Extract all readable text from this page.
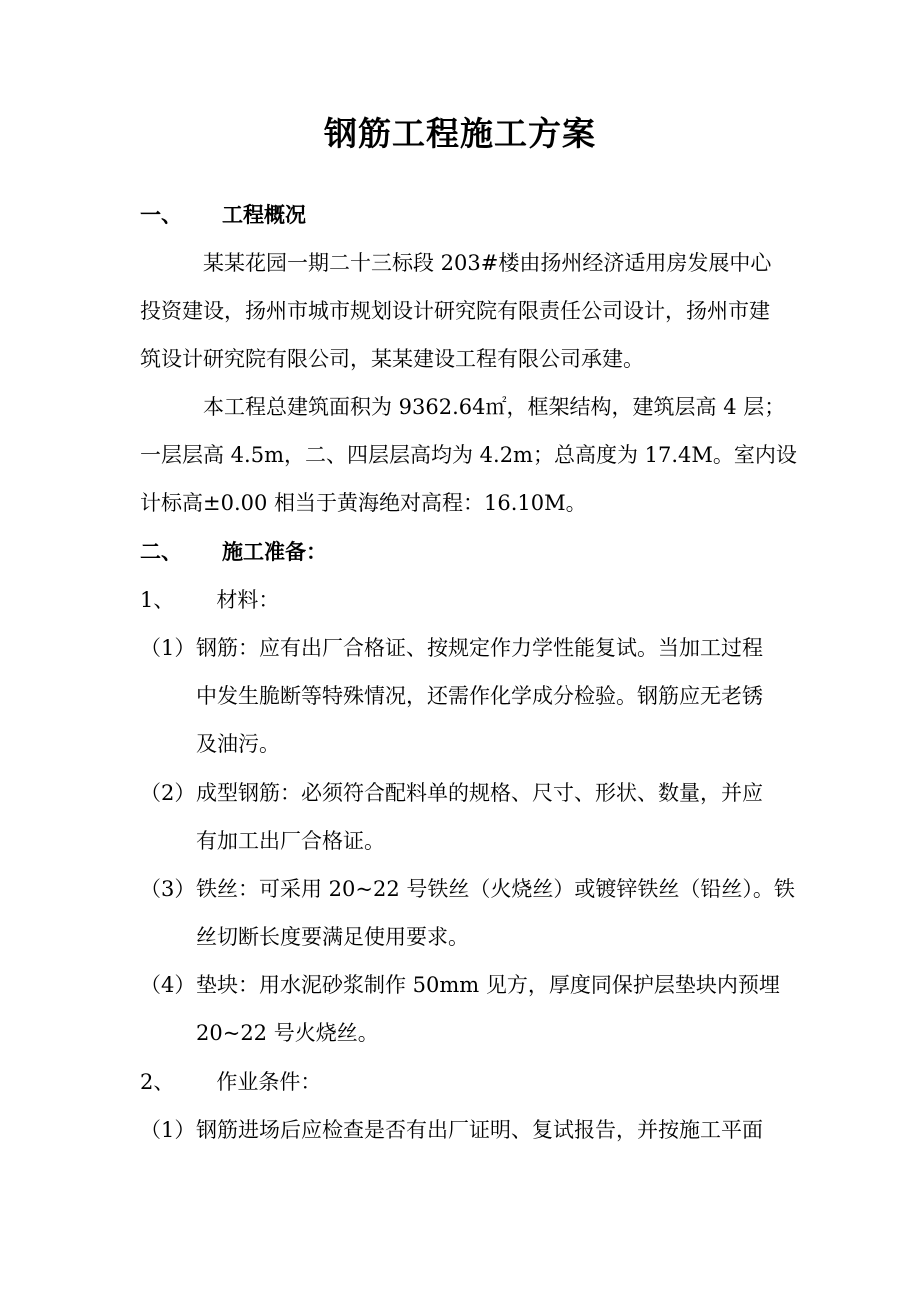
钢筋工程施工方案
一、 工程概况
某某花园一期二十三标段 203#楼由扬州经济适用房发展中心
投资建设，扬州市城市规划设计研究院有限责任公司设计，扬州市建
筑设计研究院有限公司，某某建设工程有限公司承建。
本工程总建筑面积为 9362.64㎡，框架结构，建筑层高 4 层；
一层层高 4.5m，二、四层层高均为 4.2m；总高度为 17.4M。室内设
计标高±0.00 相当于黄海绝对高程：16.10M。
二、 施工准备：
1、 材料：
（1） 钢筋：应有出厂合格证、按规定作力学性能复试。当加工过程
中发生脆断等特殊情况，还需作化学成分检验。钢筋应无老锈
及油污。
（2） 成型钢筋：必须符合配料单的规格、尺寸、形状、数量，并应
有加工出厂合格证。
（3） 铁丝：可采用 20~22 号铁丝（火烧丝）或镀锌铁丝（铅丝）。铁
丝切断长度要满足使用要求。
（4） 垫块：用水泥砂浆制作 50mm 见方，厚度同保护层垫块内预埋
20~22 号火烧丝。
2、 作业条件：
（1） 钢筋进场后应检查是否有出厂证明、复试报告，并按施工平面
